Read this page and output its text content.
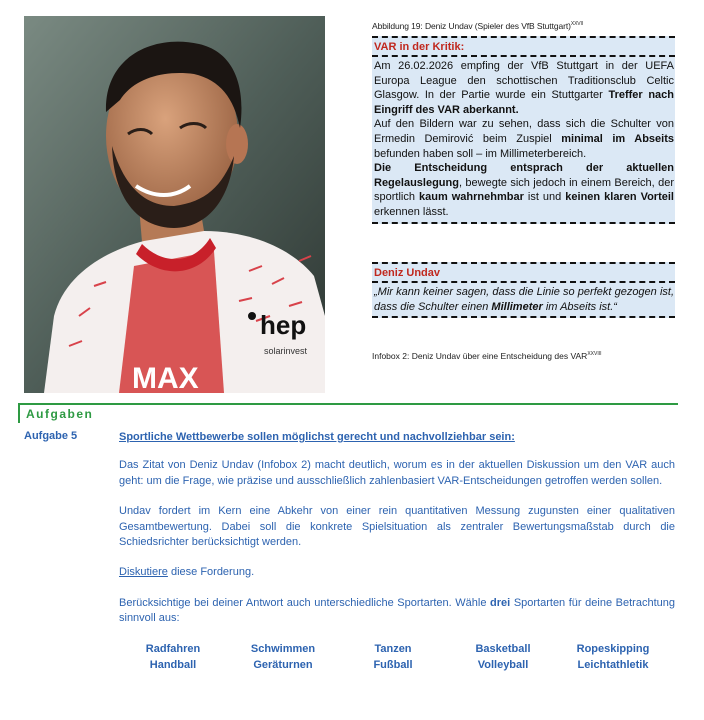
hep
solarinvest
MAX
Abbildung 19: Deniz Undav (Spieler des VfB Stuttgart)$^{XXVII}$
VAR in der Kritik:

Am 26.02.2026 empfing der VfB Stuttgart in der UEFA Europa League den schottischen Traditionsclub Celtic Glasgow. In der Partie wurde ein Stuttgarter Treffer nach Eingriff des VAR aberkannt.

Auf den Bildern war zu sehen, dass sich die Schulter von Ermedin Demirović beim Zuspiel minimal im Abseits befunden haben soll – im Millimeterbereich.

Die Entscheidung entsprach der aktuellen Regelauslegung, bewegte sich jedoch in einem Bereich, der sportlich kaum wahrnehmbar ist und keinen klaren Vorteil erkennen lässt.

Deniz Undav
„Mir kann keiner sagen, dass die Linie so perfekt gezogen ist, dass die Schulter einen Millimeter im Abseits ist.“
Infobox 2: Deniz Undav über eine Entscheidung des $VAR^{XXVIII}$
Aufgaben
Aufgabe 5	Sportliche Wettbewerbe sollen möglichst gerecht und nachvollziehbar sein:

Das Zitat von Deniz Undav (Infobox 2) macht deutlich, worum es in der aktuellen Diskussion um den VAR auch geht: um die Frage, wie präzise und ausschließlich zahlenbasiert VAR-Entscheidungen getroffen werden sollen.

Undav fordert im Kern eine Abkehr von einer rein quantitativen Messung zugunsten einer qualitativen Gesamtbewertung. Dabei soll die konkrete Spielsituation als zentraler Bewertungsmaßstab durch die Schiedsrichter berücksichtigt werden.

Diskutiere diese Forderung.

Berücksichtige bei deiner Antwort auch unterschiedliche Sportarten. Wähle drei Sportarten für deine Betrachtung sinnvoll aus:

Radfahren	Schwimmen	Tanzen	Basketball	Ropeskipping
Handball	Geräturnen	Fußball	Volleyball	Leichtathletik
